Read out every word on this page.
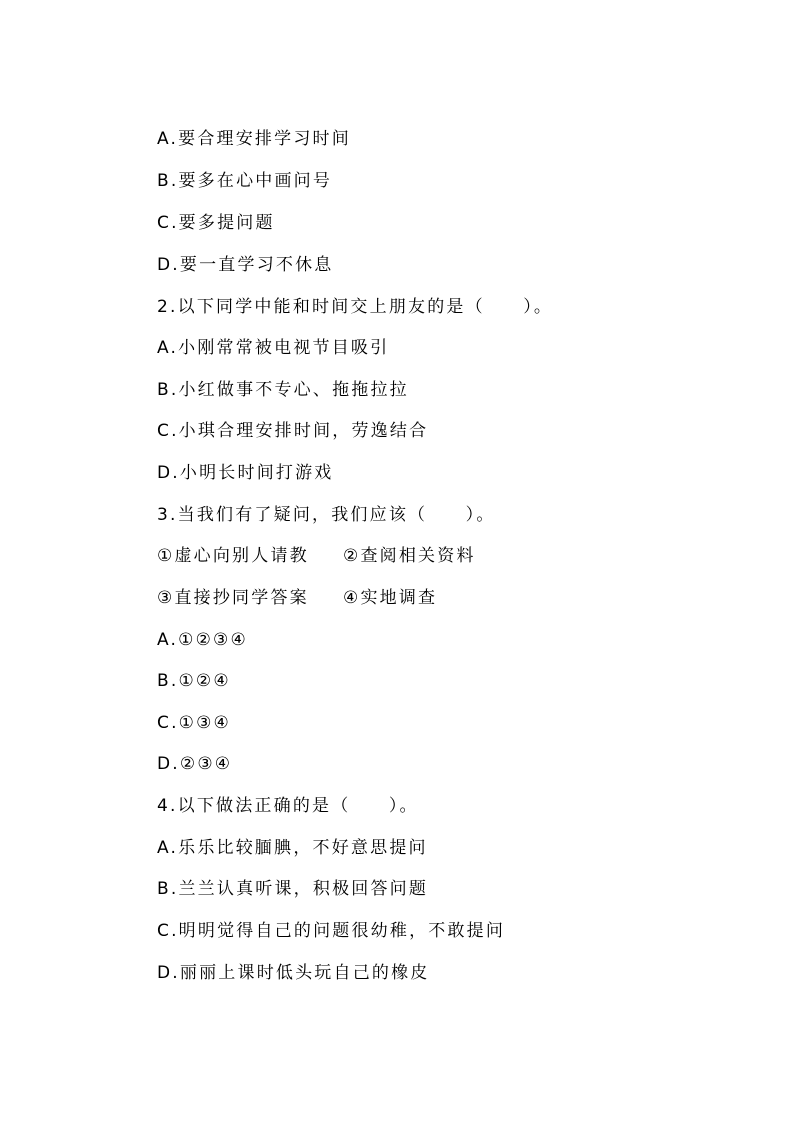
A.要合理安排学习时间
B.要多在心中画问号
C.要多提问题
D.要一直学习不休息
2.以下同学中能和时间交上朋友的是（　　）。
A.小刚常常被电视节目吸引
B.小红做事不专心、拖拖拉拉
C.小琪合理安排时间，劳逸结合
D.小明长时间打游戏
3.当我们有了疑问，我们应该（　　）。
①虚心向别人请教	②查阅相关资料
③直接抄同学答案	④实地调查
A.①②③④
B.①②④
C.①③④
D.②③④
4.以下做法正确的是（　　）。
A.乐乐比较腼腆，不好意思提问
B.兰兰认真听课，积极回答问题
C.明明觉得自己的问题很幼稚，不敢提问
D.丽丽上课时低头玩自己的橡皮
